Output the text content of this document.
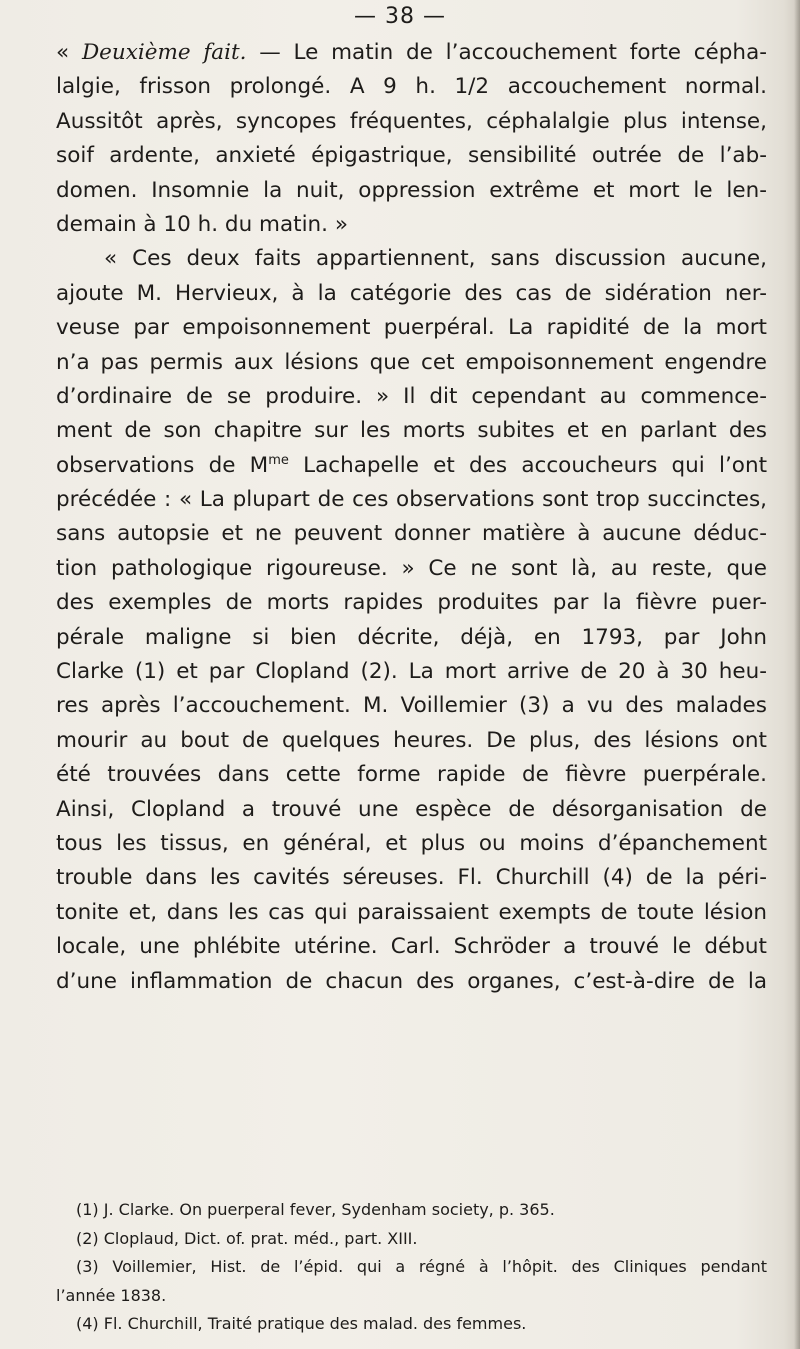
— 38 —
« Deuxième fait. — Le matin de l’accouchement forte cépha-
lalgie, frisson prolongé. A 9 h. 1/2 accouchement normal.
Aussitôt après, syncopes fréquentes, céphalalgie plus intense,
soif ardente, anxieté épigastrique, sensibilité outrée de l’ab-
domen. Insomnie la nuit, oppression extrême et mort le len-
demain à 10 h. du matin. »
« Ces deux faits appartiennent, sans discussion aucune,
ajoute M. Hervieux, à la catégorie des cas de sidération ner-
veuse par empoisonnement puerpéral. La rapidité de la mort
n’a pas permis aux lésions que cet empoisonnement engendre
d’ordinaire de se produire. » Il dit cependant au commence-
ment de son chapitre sur les morts subites et en parlant des
observations de $M^{me}$ Lachapelle et des accoucheurs qui l’ont
précédée : « La plupart de ces observations sont trop succinctes,
sans autopsie et ne peuvent donner matière à aucune déduc-
tion pathologique rigoureuse. » Ce ne sont là, au reste, que
des exemples de morts rapides produites par la fièvre puer-
pérale maligne si bien décrite, déjà, en 1793, par John
Clarke (1) et par Clopland (2). La mort arrive de 20 à 30 heu-
res après l’accouchement. M. Voillemier (3) a vu des malades
mourir au bout de quelques heures. De plus, des lésions ont
été trouvées dans cette forme rapide de fièvre puerpérale.
Ainsi, Clopland a trouvé une espèce de désorganisation de
tous les tissus, en général, et plus ou moins d’épanchement
trouble dans les cavités séreuses. Fl. Churchill (4) de la péri-
tonite et, dans les cas qui paraissaient exempts de toute lésion
locale, une phlébite utérine. Carl. Schröder a trouvé le début
d’une inflammation de chacun des organes, c’est-à-dire de la
(1) J. Clarke. On puerperal fever, Sydenham society, p. 365.
(2) Cloplaud, Dict. of. prat. méd., part. XIII.
(3) Voillemier, Hist. de l’épid. qui a régné à l’hôpit. des Cliniques pendant
l’année 1838.
(4) Fl. Churchill, Traité pratique des malad. des femmes.
